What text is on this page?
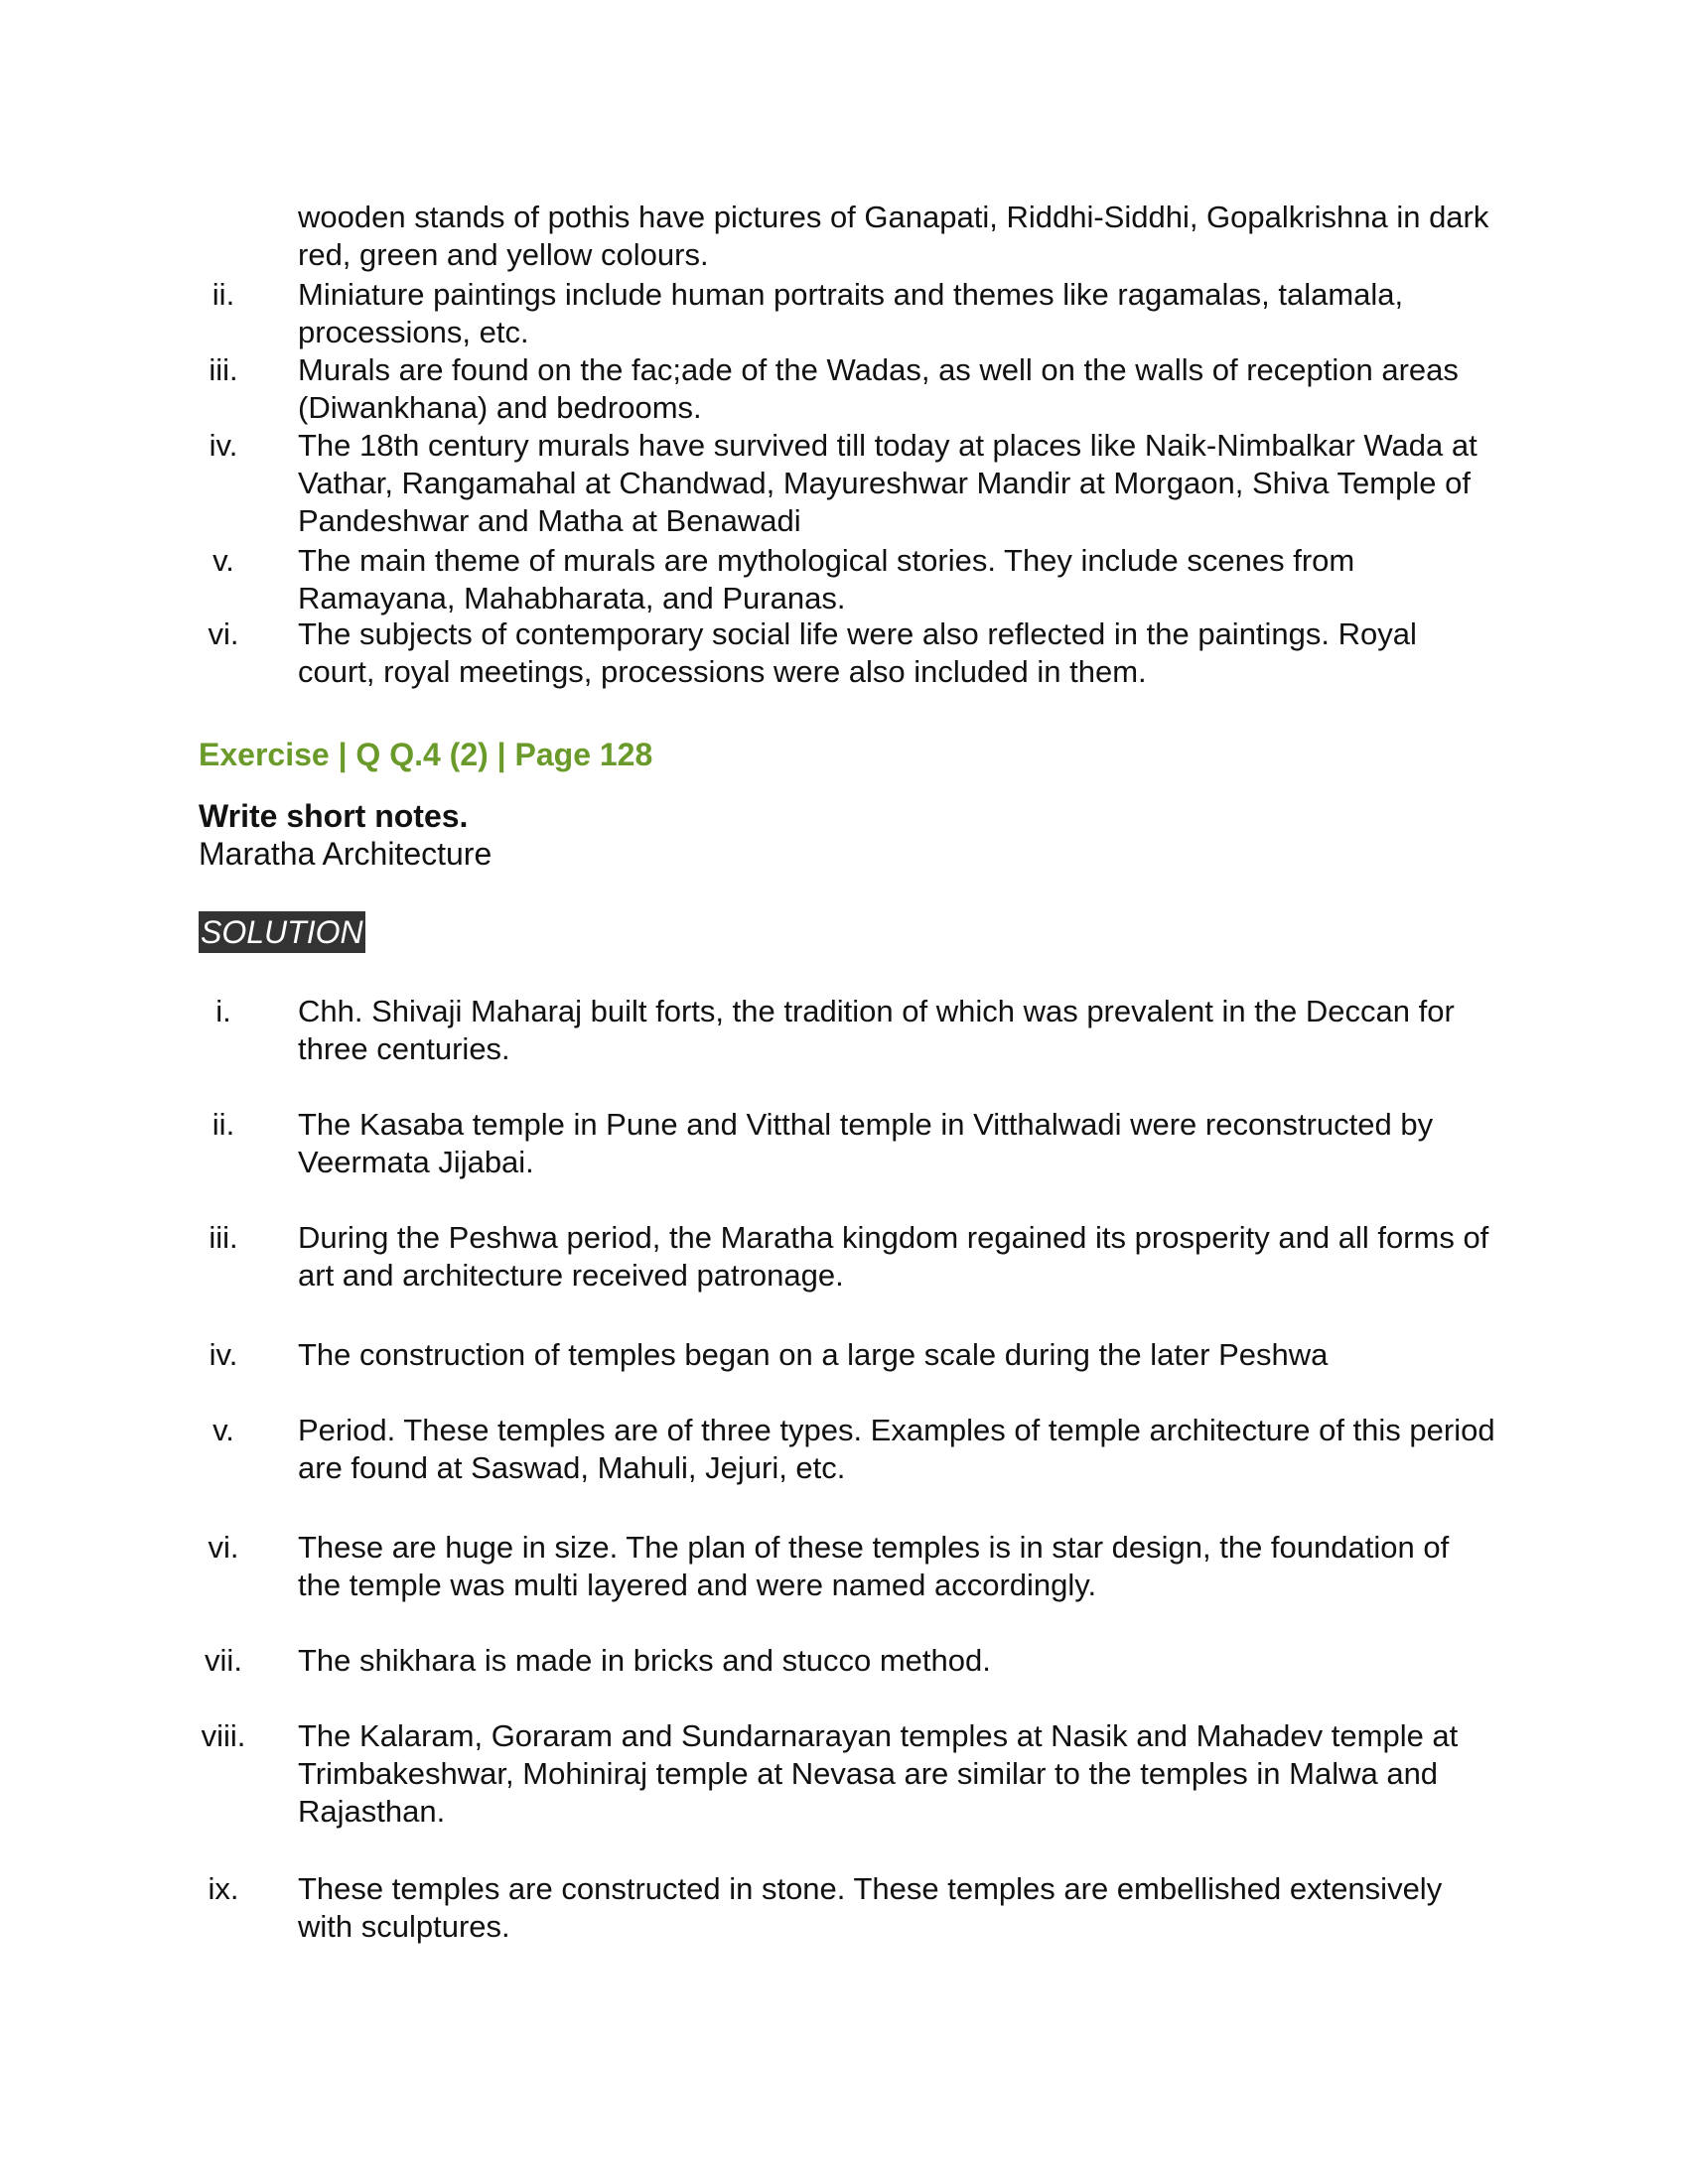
wooden stands of pothis have pictures of Ganapati, Riddhi-Siddhi, Gopalkrishna in dark red, green and yellow colours.
ii.	Miniature paintings include human portraits and themes like ragamalas, talamala, processions, etc.
iii.	Murals are found on the fac;ade of the Wadas, as well on the walls of reception areas (Diwankhana) and bedrooms.
iv.	The 18th century murals have survived till today at places like Naik-Nimbalkar Wada at Vathar, Rangamahal at Chandwad, Mayureshwar Mandir at Morgaon, Shiva Temple of Pandeshwar and Matha at Benawadi
v.	The main theme of murals are mythological stories. They include scenes from Ramayana, Mahabharata, and Puranas.
vi.	The subjects of contemporary social life were also reflected in the paintings. Royal court, royal meetings, processions were also included in them.
Exercise | Q Q.4 (2) | Page 128
Write short notes.
Maratha Architecture
SOLUTION
i.	Chh. Shivaji Maharaj built forts, the tradition of which was prevalent in the Deccan for three centuries.
ii.	The Kasaba temple in Pune and Vitthal temple in Vitthalwadi were reconstructed by Veermata Jijabai.
iii.	During the Peshwa period, the Maratha kingdom regained its prosperity and all forms of art and architecture received patronage.
iv.	The construction of temples began on a large scale during the later Peshwa
v.	Period. These temples are of three types. Examples of temple architecture of this period are found at Saswad, Mahuli, Jejuri, etc.
vi.	These are huge in size. The plan of these temples is in star design, the foundation of the temple was multi layered and were named accordingly.
vii.	The shikhara is made in bricks and stucco method.
viii.	The Kalaram, Goraram and Sundarnarayan temples at Nasik and Mahadev temple at Trimbakeshwar, Mohiniraj temple at Nevasa are similar to the temples in Malwa and Rajasthan.
ix.	These temples are constructed in stone. These temples are embellished extensively with sculptures.
